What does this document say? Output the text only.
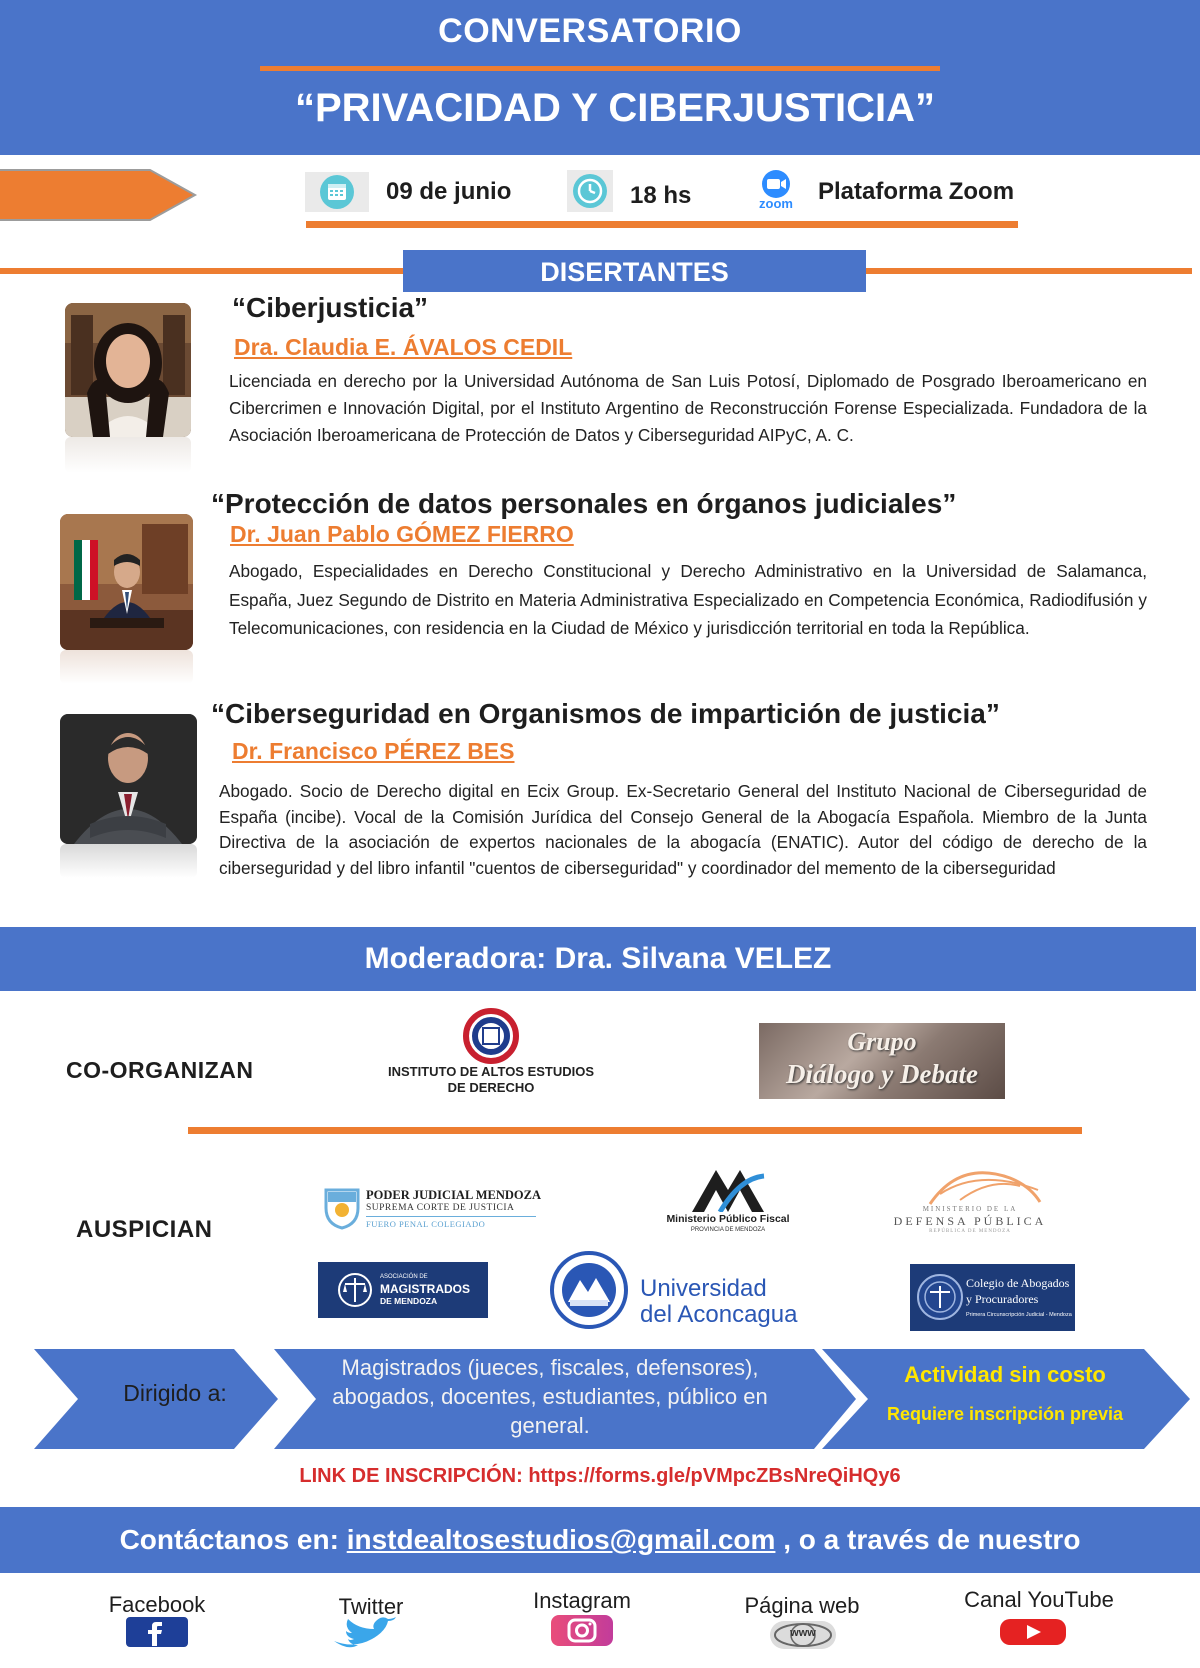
CONVERSATORIO
“PRIVACIDAD Y CIBERJUSTICIA”
09 de junio	18 hs	zoom Plataforma Zoom
DISERTANTES
“Ciberjusticia”
Dra. Claudia E. ÁVALOS CEDIL
Licenciada en derecho por la Universidad Autónoma de San Luis Potosí, Diplomado de Posgrado Iberoamericano en Cibercrimen e Innovación Digital, por el Instituto Argentino de Reconstrucción Forense Especializada. Fundadora de la Asociación Iberoamericana de Protección de Datos y Ciberseguridad AIPyC, A. C.
“Protección de datos personales en órganos judiciales”
Dr. Juan Pablo GÓMEZ FIERRO
Abogado, Especialidades en Derecho Constitucional y Derecho Administrativo en la Universidad de Salamanca, España, Juez Segundo de Distrito en Materia Administrativa Especializado en Competencia Económica, Radiodifusión y Telecomunicaciones, con residencia en la Ciudad de México y jurisdicción territorial en toda la República.
“Ciberseguridad en Organismos de impartición de justicia”
Dr. Francisco PÉREZ BES
Abogado. Socio de Derecho digital en Ecix Group. Ex-Secretario General del Instituto Nacional de Ciberseguridad de España (incibe). Vocal de la Comisión Jurídica del Consejo General de la Abogacía Española. Miembro de la Junta Directiva de la asociación de expertos nacionales de la abogacía (ENATIC). Autor del código de derecho de la ciberseguridad y del libro infantil "cuentos de ciberseguridad" y coordinador del memento de la ciberseguridad
Moderadora: Dra. Silvana VELEZ
CO-ORGANIZAN	INSTITUTO DE ALTOS ESTUDIOS DE DERECHO
Grupo
Diálogo y Debate
AUSPICIAN
PODER JUDICIAL MENDOZA
SUPREMA CORTE DE JUSTICIA
FUERO PENAL COLEGIADO	Ministerio Público Fiscal
PROVINCIA DE MENDOZA
MINISTERIO DE LA
DEFENSA PÚBLICA
REPÚBLICA DE MENDOZA
ASOCIACIÓN DE
MAGISTRADOS
DE MENDOZA	Universidad
del Aconcagua
Colegio de Abogados
y Procuradores
Primera Circunscripción Judicial - Mendoza
Dirigido a:
Magistrados (jueces, fiscales, defensores), abogados, docentes, estudiantes, público en general.
Actividad sin costo
Requiere inscripción previa
LINK DE INSCRIPCIÓN: https://forms.gle/pVMpcZBsNreQiHQy6
Contáctanos en: instdealtosestudios@gmail.com , o a través de nuestro
Facebook	Twitter	Instagram	Página web
www
Canal YouTube
